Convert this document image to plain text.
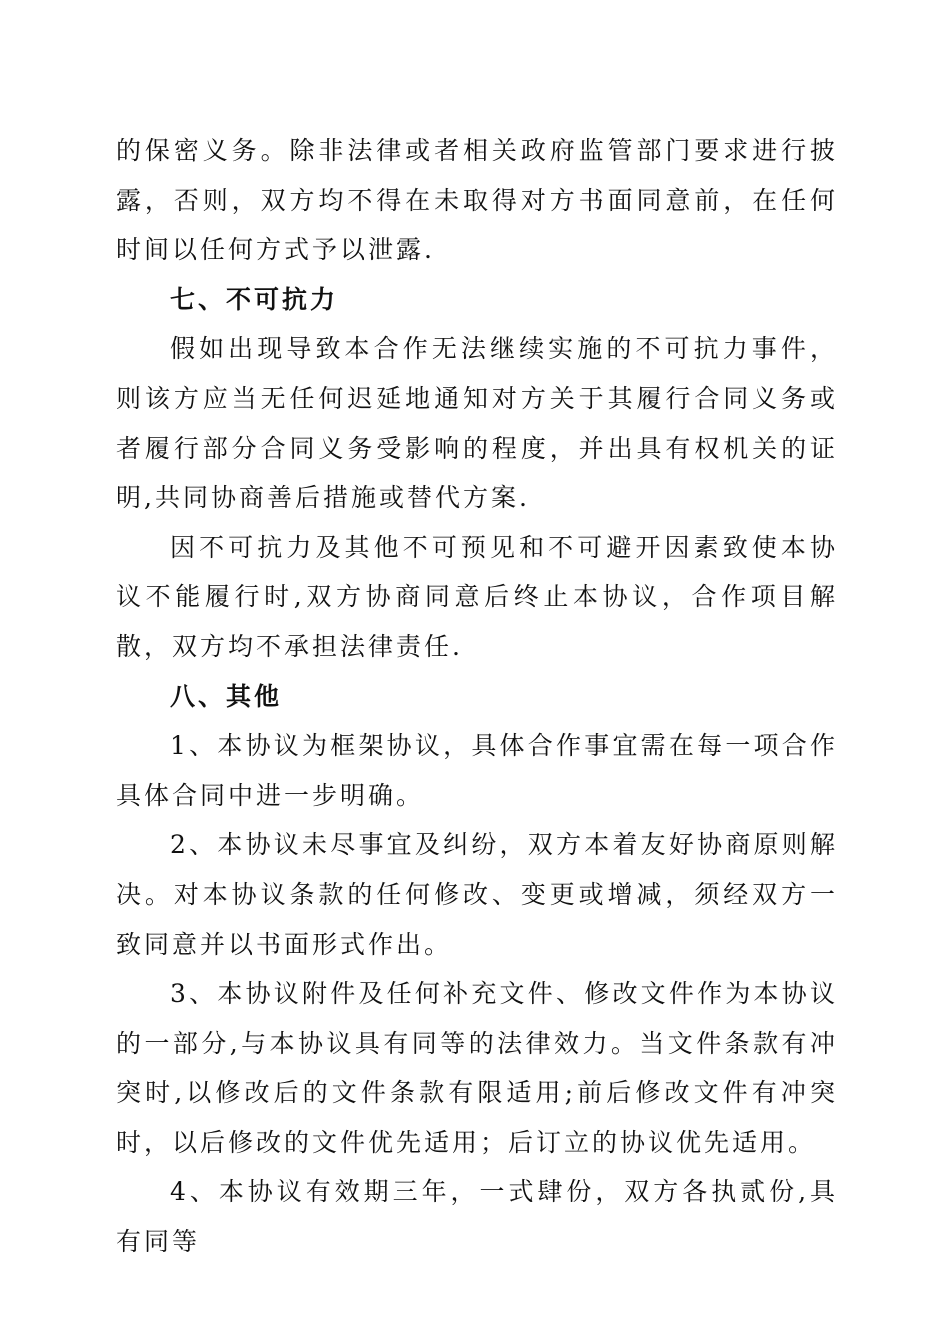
的保密义务。除非法律或者相关政府监管部门要求进行披露，否则，双方均不得在未取得对方书面同意前，在任何时间以任何方式予以泄露.

七、不可抗力

假如出现导致本合作无法继续实施的不可抗力事件，则该方应当无任何迟延地通知对方关于其履行合同义务或者履行部分合同义务受影响的程度，并出具有权机关的证明,共同协商善后措施或替代方案.

因不可抗力及其他不可预见和不可避开因素致使本协议不能履行时,双方协商同意后终止本协议，合作项目解散，双方均不承担法律责任.

八、其他

1、本协议为框架协议，具体合作事宜需在每一项合作具体合同中进一步明确。

2、本协议未尽事宜及纠纷，双方本着友好协商原则解决。对本协议条款的任何修改、变更或增减，须经双方一致同意并以书面形式作出。

3、本协议附件及任何补充文件、修改文件作为本协议的一部分,与本协议具有同等的法律效力。当文件条款有冲突时,以修改后的文件条款有限适用;前后修改文件有冲突时，以后修改的文件优先适用；后订立的协议优先适用。

4、本协议有效期三年，一式肆份，双方各执贰份,具有同等
